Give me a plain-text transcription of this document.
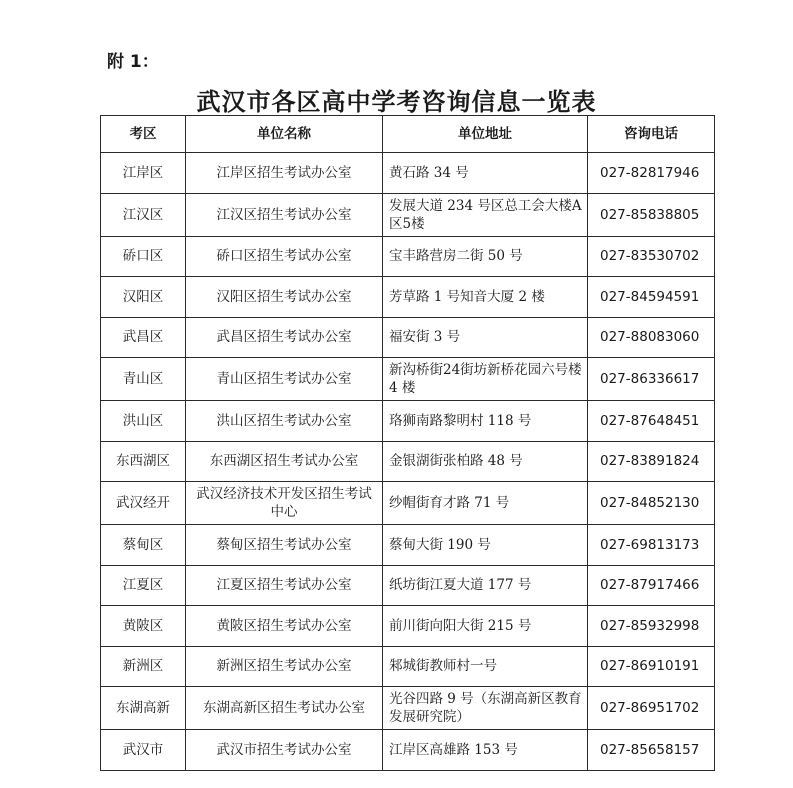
附 1：
武汉市各区高中学考咨询信息一览表
考区	单位名称	单位地址	咨询电话
江岸区	江岸区招生考试办公室	黄石路 34 号	027-82817946
江汉区	江汉区招生考试办公室	发展大道 234 号区总工会大楼A区5楼	027-85838805
硚口区	硚口区招生考试办公室	宝丰路营房二街 50 号	027-83530702
汉阳区	汉阳区招生考试办公室	芳草路 1 号知音大厦 2 楼	027-84594591
武昌区	武昌区招生考试办公室	福安街 3 号	027-88083060
青山区	青山区招生考试办公室	新沟桥街24街坊新桥花园六号楼 4 楼	027-86336617
洪山区	洪山区招生考试办公室	珞狮南路黎明村 118 号	027-87648451
东西湖区	东西湖区招生考试办公室	金银湖街张柏路 48 号	027-83891824
武汉经开	武汉经济技术开发区招生考试中心	纱帽街育才路 71 号	027-84852130
蔡甸区	蔡甸区招生考试办公室	蔡甸大街 190 号	027-69813173
江夏区	江夏区招生考试办公室	纸坊街江夏大道 177 号	027-87917466
黄陂区	黄陂区招生考试办公室	前川街向阳大街 215 号	027-85932998
新洲区	新洲区招生考试办公室	邾城街教师村一号	027-86910191
东湖高新	东湖高新区招生考试办公室	光谷四路 9 号（东湖高新区教育发展研究院）	027-86951702
武汉市	武汉市招生考试办公室	江岸区高雄路 153 号	027-85658157
